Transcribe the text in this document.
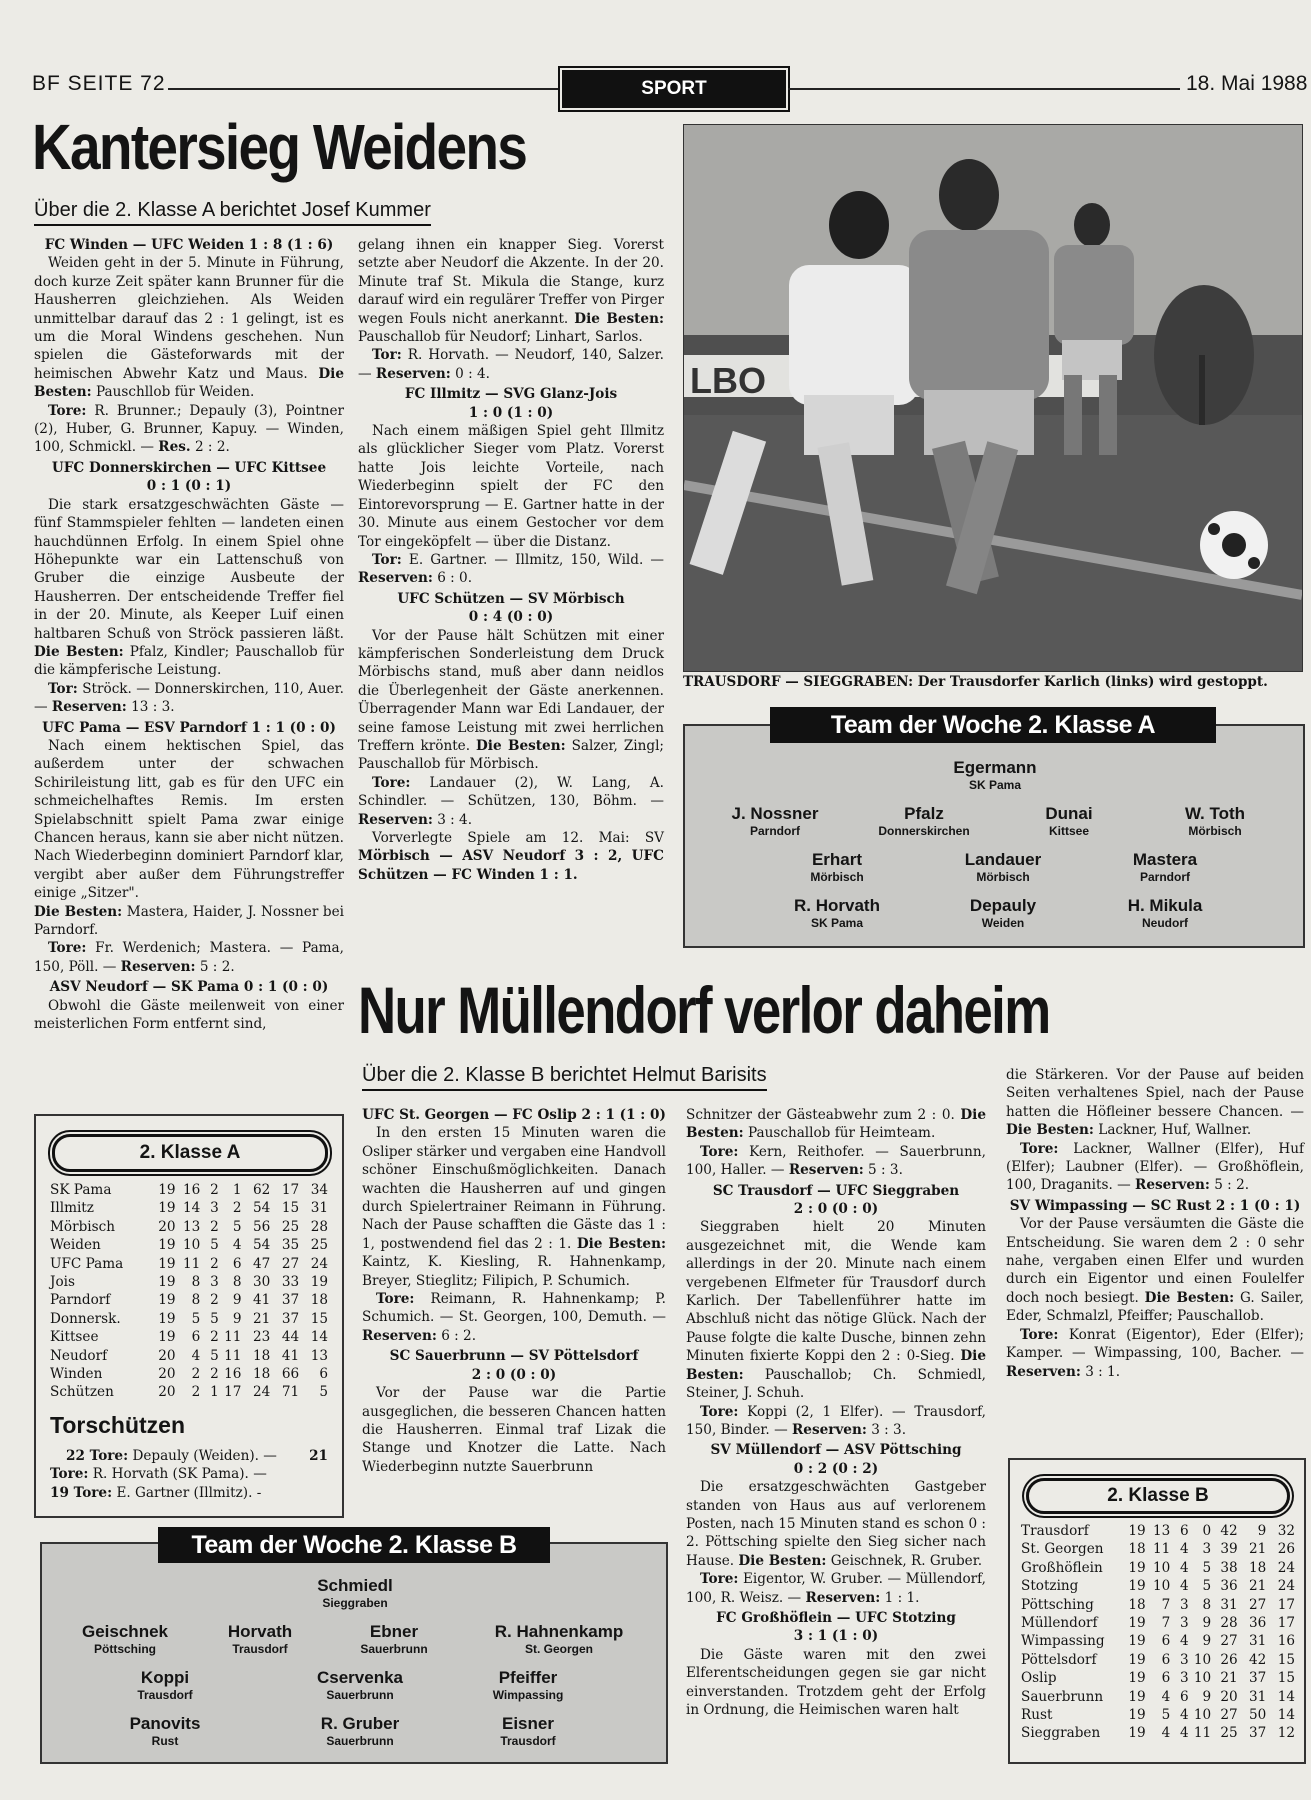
BF SEITE 72	SPORT	18. Mai 1988
Kantersieg Weidens
Über die 2. Klasse A berichtet Josef Kummer

FC Winden — UFC Weiden 1 : 8 (1 : 6)

Weiden geht in der 5. Minute in Führung, doch kurze Zeit später kann Brunner für die Hausherren gleichziehen. Als Weiden unmittelbar darauf das 2 : 1 gelingt, ist es um die Moral Windens geschehen. Nun spielen die Gästeforwards mit der heimischen Abwehr Katz und Maus. Die Besten: Pauschllob für Weiden.

Tore: R. Brunner.; Depauly (3), Pointner (2), Huber, G. Brunner, Kapuy. — Winden, 100, Schmickl. — Res. 2 : 2.

UFC Donnerskirchen — UFC Kittsee

0 : 1 (0 : 1)

Die stark ersatzgeschwächten Gäste — fünf Stammspieler fehlten — landeten einen hauchdünnen Erfolg. In einem Spiel ohne Höhepunkte war ein Lattenschuß von Gruber die einzige Ausbeute der Hausherren. Der entscheidende Treffer fiel in der 20. Minute, als Keeper Luif einen haltbaren Schuß von Ströck passieren läßt. Die Besten: Pfalz, Kindler; Pauschallob für die kämpferische Leistung.

Tor: Ströck. — Donnerskirchen, 110, Auer. — Reserven: 13 : 3.

UFC Pama — ESV Parndorf 1 : 1 (0 : 0)

Nach einem hektischen Spiel, das außerdem unter der schwachen Schirileistung litt, gab es für den UFC ein schmeichelhaftes Remis. Im ersten Spielabschnitt spielt Pama zwar einige Chancen heraus, kann sie aber nicht nützen. Nach Wiederbeginn dominiert Parndorf klar, vergibt aber außer dem Führungstreffer einige „Sitzer".

Die Besten: Mastera, Haider, J. Nossner bei Parndorf.

Tore: Fr. Werdenich; Mastera. — Pama, 150, Pöll. — Reserven: 5 : 2.

ASV Neudorf — SK Pama 0 : 1 (0 : 0)

Obwohl die Gäste meilenweit von einer meisterlichen Form entfernt sind,

gelang ihnen ein knapper Sieg. Vorerst setzte aber Neudorf die Akzente. In der 20. Minute traf St. Mikula die Stange, kurz darauf wird ein regulärer Treffer von Pirger wegen Fouls nicht anerkannt. Die Besten: Pauschallob für Neudorf; Linhart, Sarlos.

Tor: R. Horvath. — Neudorf, 140, Salzer. — Reserven: 0 : 4.

FC Illmitz — SVG Glanz-Jois

1 : 0 (1 : 0)

Nach einem mäßigen Spiel geht Illmitz als glücklicher Sieger vom Platz. Vorerst hatte Jois leichte Vorteile, nach Wiederbeginn spielt der FC den Eintorevorsprung — E. Gartner hatte in der 30. Minute aus einem Gestocher vor dem Tor eingeköpfelt — über die Distanz.

Tor: E. Gartner. — Illmitz, 150, Wild. — Reserven: 6 : 0.

UFC Schützen — SV Mörbisch

0 : 4 (0 : 0)

Vor der Pause hält Schützen mit einer kämpferischen Sonderleistung dem Druck Mörbischs stand, muß aber dann neidlos die Überlegenheit der Gäste anerkennen. Überragender Mann war Edi Landauer, der seine famose Leistung mit zwei herrlichen Treffern krönte. Die Besten: Salzer, Zingl; Pauschallob für Mörbisch.

Tore: Landauer (2), W. Lang, A. Schindler. — Schützen, 130, Böhm. — Reserven: 3 : 4.

Vorverlegte Spiele am 12. Mai: SV Mörbisch — ASV Neudorf 3 : 2, UFC Schützen — FC Winden 1 : 1.

LBO
TRAUSDORF — SIEGGRABEN: Der Trausdorfer Karlich (links) wird gestoppt.
Team der Woche 2. Klasse A
Egermann
SK Pama
J. Nossner
Parndorf
Pfalz
Donnerskirchen
Dunai
Kittsee
W. Toth
Mörbisch
Erhart
Mörbisch
Landauer
Mörbisch
Mastera
Parndorf
R. Horvath
SK Pama
Depauly
Weiden
H. Mikula
Neudorf
Nur Müllendorf verlor daheim
Über die 2. Klasse B berichtet Helmut Barisits

UFC St. Georgen — FC Oslip 2 : 1 (1 : 0)

In den ersten 15 Minuten waren die Osliper stärker und vergaben eine Handvoll schöner Einschußmöglichkeiten. Danach wachten die Hausherren auf und gingen durch Spielertrainer Reimann in Führung. Nach der Pause schafften die Gäste das 1 : 1, postwendend fiel das 2 : 1. Die Besten: Kaintz, K. Kiesling, R. Hahnenkamp, Breyer, Stieglitz; Filipich, P. Schumich.

Tore: Reimann, R. Hahnenkamp; P. Schumich. — St. Georgen, 100, Demuth. — Reserven: 6 : 2.

SC Sauerbrunn — SV Pöttelsdorf

2 : 0 (0 : 0)

Vor der Pause war die Partie ausgeglichen, die besseren Chancen hatten die Hausherren. Einmal traf Lizak die Stange und Knotzer die Latte. Nach Wiederbeginn nutzte Sauerbrunn

Schnitzer der Gästeabwehr zum 2 : 0. Die Besten: Pauschallob für Heimteam.

Tore: Kern, Reithofer. — Sauerbrunn, 100, Haller. — Reserven: 5 : 3.

SC Trausdorf — UFC Sieggraben

2 : 0 (0 : 0)

Sieggraben hielt 20 Minuten ausgezeichnet mit, die Wende kam allerdings in der 20. Minute nach einem vergebenen Elfmeter für Trausdorf durch Karlich. Der Tabellenführer hatte im Abschluß nicht das nötige Glück. Nach der Pause folgte die kalte Dusche, binnen zehn Minuten fixierte Koppi den 2 : 0-Sieg. Die Besten: Pauschallob; Ch. Schmiedl, Steiner, J. Schuh.

Tore: Koppi (2, 1 Elfer). — Trausdorf, 150, Binder. — Reserven: 3 : 3.

SV Müllendorf — ASV Pöttsching

0 : 2 (0 : 2)

Die ersatzgeschwächten Gastgeber standen von Haus aus auf verlorenem Posten, nach 15 Minuten stand es schon 0 : 2. Pöttsching spielte den Sieg sicher nach Hause. Die Besten: Geischnek, R. Gruber.

Tore: Eigentor, W. Gruber. — Müllendorf, 100, R. Weisz. — Reserven: 1 : 1.

FC Großhöflein — UFC Stotzing

3 : 1 (1 : 0)

Die Gäste waren mit den zwei Elferentscheidungen gegen sie gar nicht einverstanden. Trotzdem geht der Erfolg in Ordnung, die Heimischen waren halt

die Stärkeren. Vor der Pause auf beiden Seiten verhaltenes Spiel, nach der Pause hatten die Höfleiner bessere Chancen. — Die Besten: Lackner, Huf, Wallner.

Tore: Lackner, Wallner (Elfer), Huf (Elfer); Laubner (Elfer). — Großhöflein, 100, Draganits. — Reserven: 5 : 2.

SV Wimpassing — SC Rust 2 : 1 (0 : 1)

Vor der Pause versäumten die Gäste die Entscheidung. Sie waren dem 2 : 0 sehr nahe, vergaben einen Elfer und wurden durch ein Eigentor und einen Foulelfer doch noch besiegt. Die Besten: G. Sailer, Eder, Schmalzl, Pfeiffer; Pauschallob.

Tore: Konrat (Eigentor), Eder (Elfer); Kamper. — Wimpassing, 100, Bacher. — Reserven: 3 : 1.

2. Klasse A
SK Pama	19	16	2	1	62	17	34
Illmitz	19	14	3	2	54	15	31
Mörbisch	20	13	2	5	56	25	28
Weiden	19	10	5	4	54	35	25
UFC Pama	19	11	2	6	47	27	24
Jois	19	8	3	8	30	33	19
Parndorf	19	8	2	9	41	37	18
Donnersk.	19	5	5	9	21	37	15
Kittsee	19	6	2	11	23	44	14
Neudorf	20	4	5	11	18	41	13
Winden	20	2	2	16	18	66	6
Schützen	20	2	1	17	24	71	5
Torschützen
22 Tore: Depauly (Weiden). — 21
Tore: R. Horvath (SK Pama). —
19 Tore: E. Gartner (Illmitz). -
Team der Woche 2. Klasse B
Schmiedl
Sieggraben
Geischnek
Pöttsching
Horvath
Trausdorf
Ebner
Sauerbrunn
R. Hahnenkamp
St. Georgen
Koppi
Trausdorf
Cservenka
Sauerbrunn
Pfeiffer
Wimpassing
Panovits
Rust
R. Gruber
Sauerbrunn
Eisner
Trausdorf
2. Klasse B
Trausdorf	19	13	6	0	42	9	32
St. Georgen	18	11	4	3	39	21	26
Großhöflein	19	10	4	5	38	18	24
Stotzing	19	10	4	5	36	21	24
Pöttsching	18	7	3	8	31	27	17
Müllendorf	19	7	3	9	28	36	17
Wimpassing	19	6	4	9	27	31	16
Pöttelsdorf	19	6	3	10	26	42	15
Oslip	19	6	3	10	21	37	15
Sauerbrunn	19	4	6	9	20	31	14
Rust	19	5	4	10	27	50	14
Sieggraben	19	4	4	11	25	37	12
